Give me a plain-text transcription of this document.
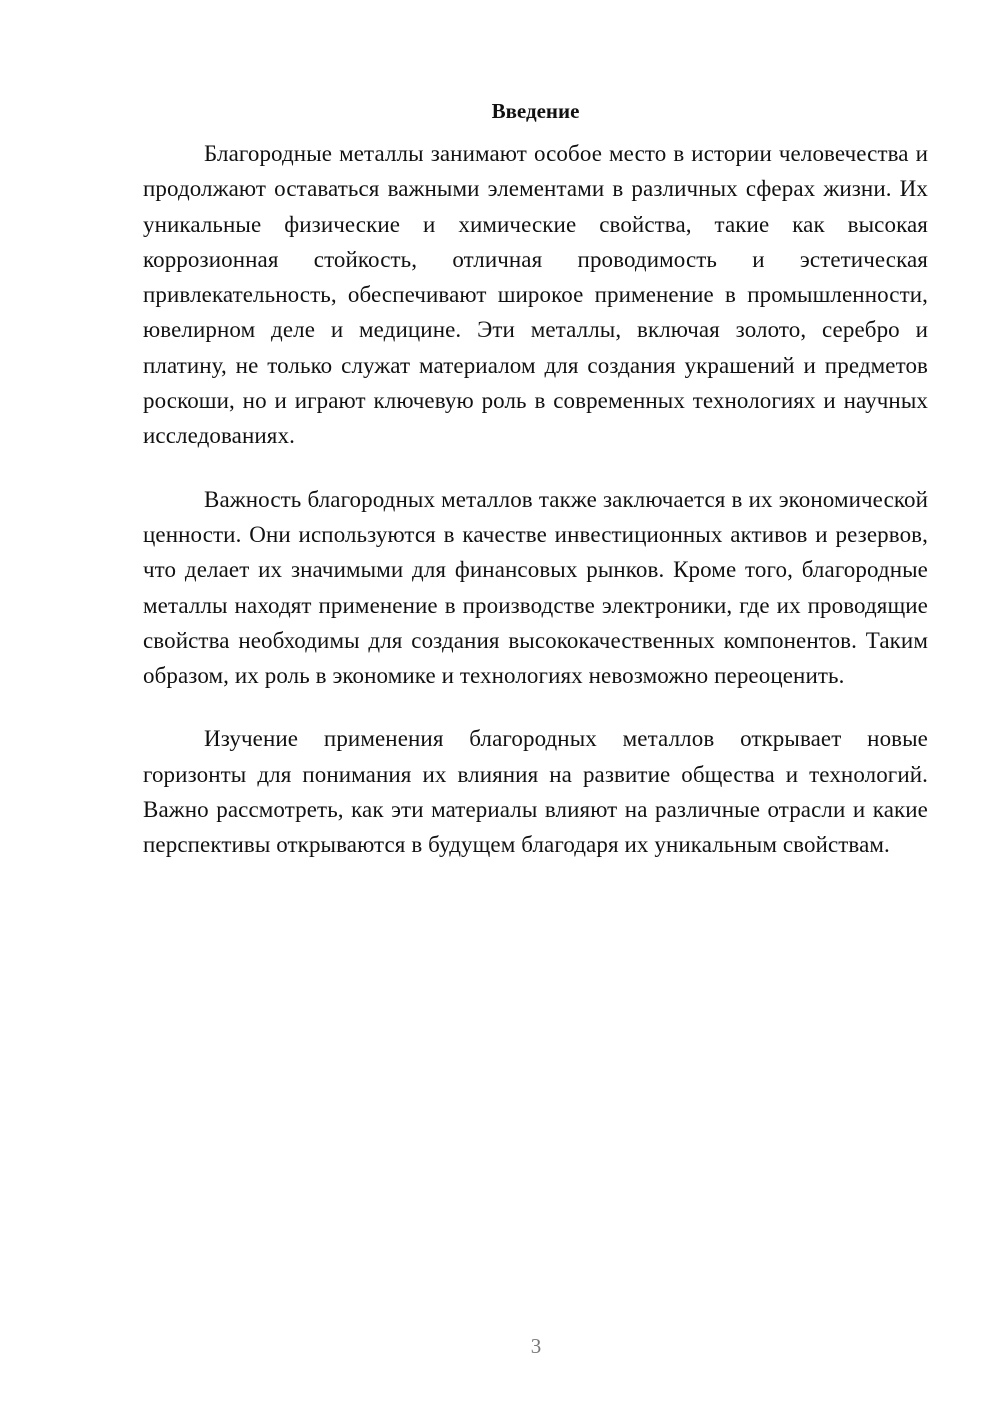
Введение

Благородные металлы занимают особое место в истории человечества и продолжают оставаться важными элементами в различных сферах жизни. Их уникальные физические и химические свойства, такие как высокая коррозионная стойкость, отличная проводимость и эстетическая привлекательность, обеспечивают широкое применение в промышленности, ювелирном деле и медицине. Эти металлы, включая золото, серебро и платину, не только служат материалом для создания украшений и предметов роскоши, но и играют ключевую роль в современных технологиях и научных исследованиях.

Важность благородных металлов также заключается в их экономической ценности. Они используются в качестве инвестиционных активов и резервов, что делает их значимыми для финансовых рынков. Кроме того, благородные металлы находят применение в производстве электроники, где их проводящие свойства необходимы для создания высококачественных компонентов. Таким образом, их роль в экономике и технологиях невозможно переоценить.

Изучение применения благородных металлов открывает новые горизонты для понимания их влияния на развитие общества и технологий. Важно рассмотреть, как эти материалы влияют на различные отрасли и какие перспективы открываются в будущем благодаря их уникальным свойствам.

3
